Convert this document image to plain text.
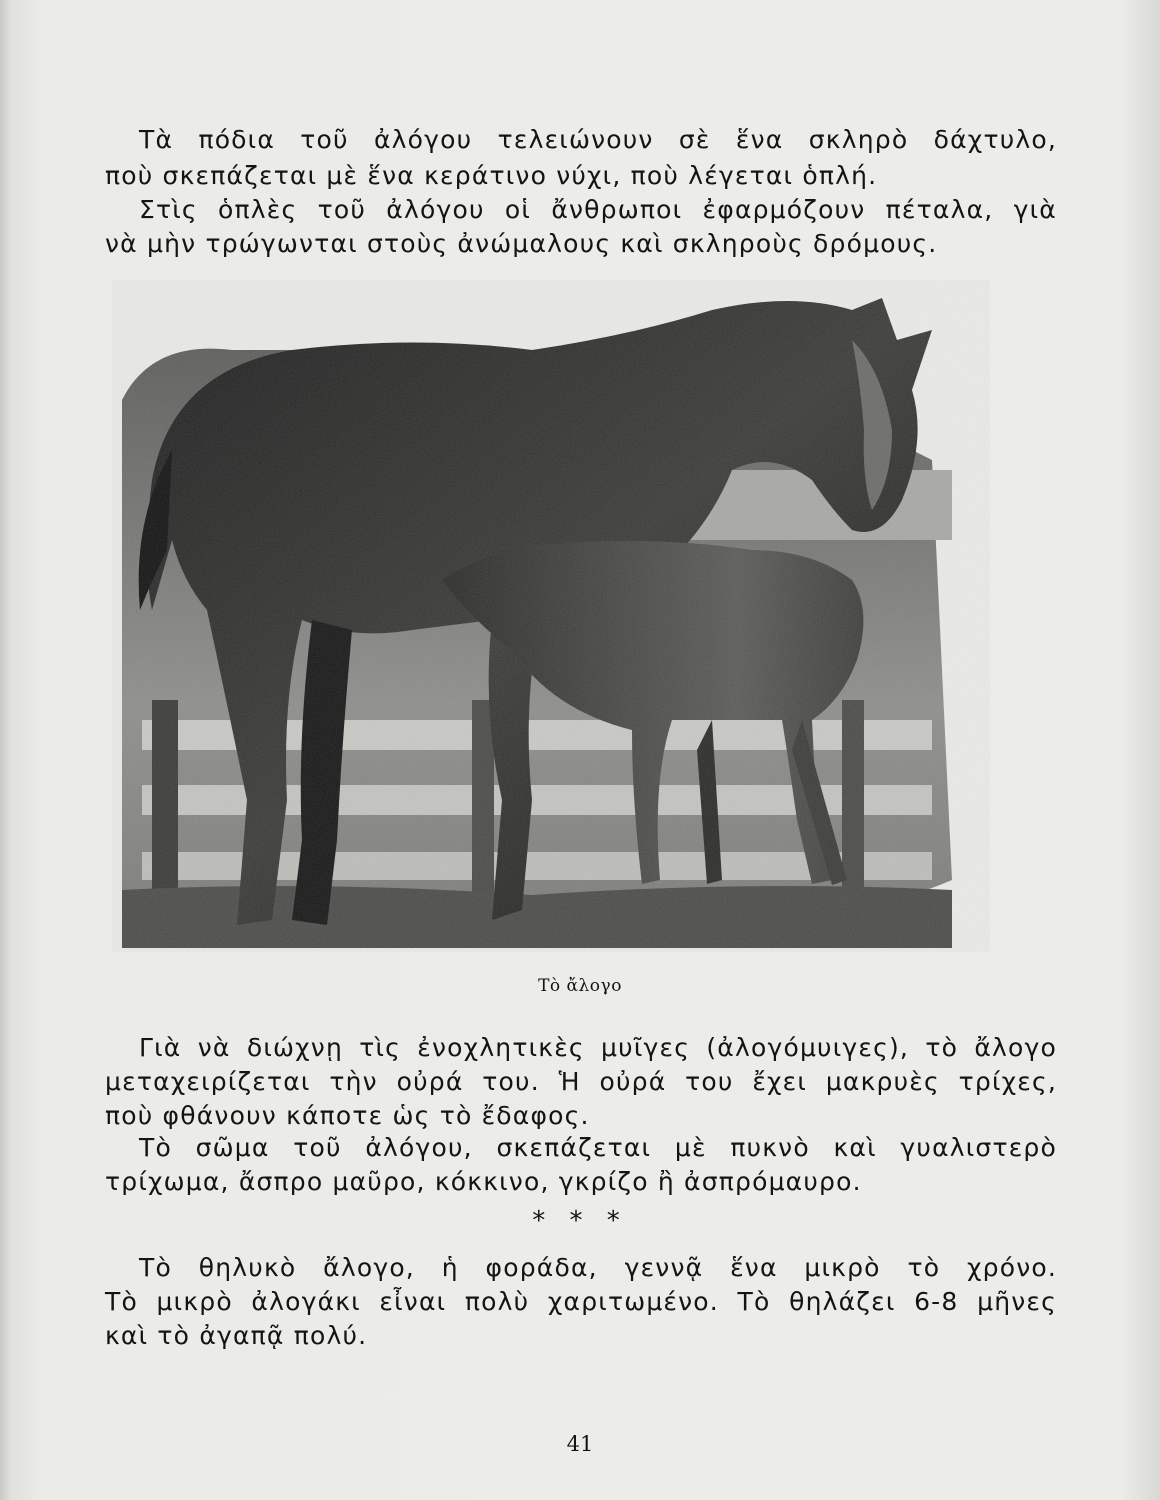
Τὰ πόδια τοῦ ἀλόγου τελειώνουν σὲ ἕνα σκληρὸ δάχτυλο,
ποὺ σκεπάζεται μὲ ἕνα κεράτινο νύχι, ποὺ λέγεται ὁπλή.
Στὶς ὁπλὲς τοῦ ἀλόγου οἱ ἄνθρωποι ἐφαρμόζουν πέταλα, γιὰ
νὰ μὴν τρώγωνται στοὺς ἀνώμαλους καὶ σκληροὺς δρόμους.
Τὸ ἄλογο
Γιὰ νὰ διώχνῃ τὶς ἐνοχλητικὲς μυῖγες (ἀλογόμυιγες), τὸ ἄλογο
μεταχειρίζεται τὴν οὐρά του. Ἡ οὐρά του ἔχει μακρυὲς τρίχες,
ποὺ φθάνουν κάποτε ὡς τὸ ἔδαφος.
Τὸ σῶμα τοῦ ἀλόγου, σκεπάζεται μὲ πυκνὸ καὶ γυαλιστερὸ
τρίχωμα, ἄσπρο μαῦρο, κόκκινο, γκρίζο ἢ ἀσπρόμαυρο.
* * *
Τὸ θηλυκὸ ἄλογο, ἡ φοράδα, γεννᾷ ἕνα μικρὸ τὸ χρόνο.
Τὸ μικρὸ ἀλογάκι εἶναι πολὺ χαριτωμένο. Τὸ θηλάζει 6-8 μῆνες
καὶ τὸ ἀγαπᾷ πολύ.
41
